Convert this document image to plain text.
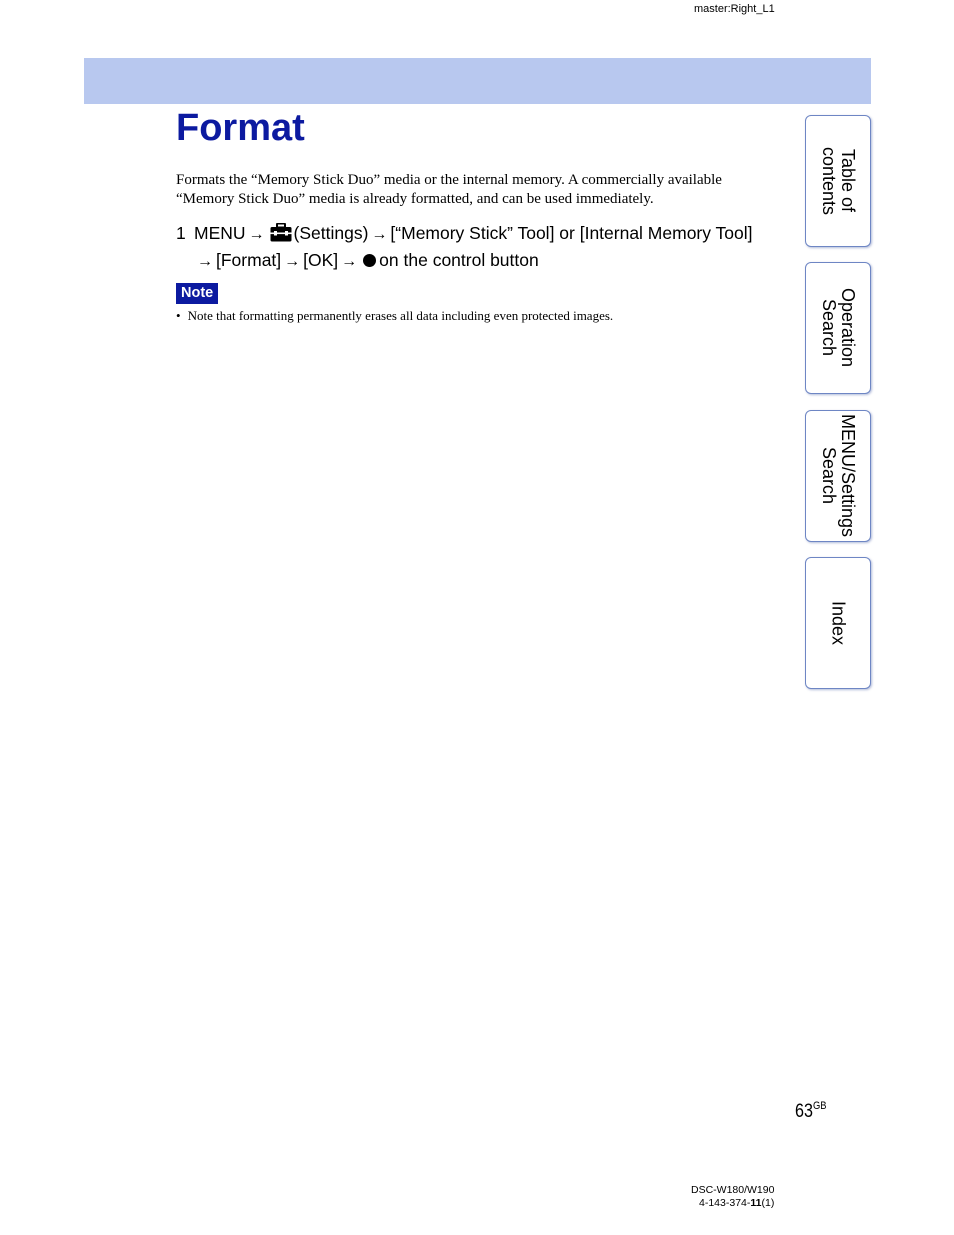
master:Right_L1
Format

Formats the “Memory Stick Duo” media or the internal memory. A commercially available “Memory Stick Duo” media is already formatted, and can be used immediately.

1 MENU → (Settings) → [“Memory Stick” Tool] or [Internal Memory Tool]→ [Format] → [OK] → on the control button
Note
• Note that formatting permanently erases all data including even protected images.
Table of
contents
Operation
Search
MENU/Settings
Search
Index
$63^{GB}$
DSC-W180/W190
4-143-374-11(1)
